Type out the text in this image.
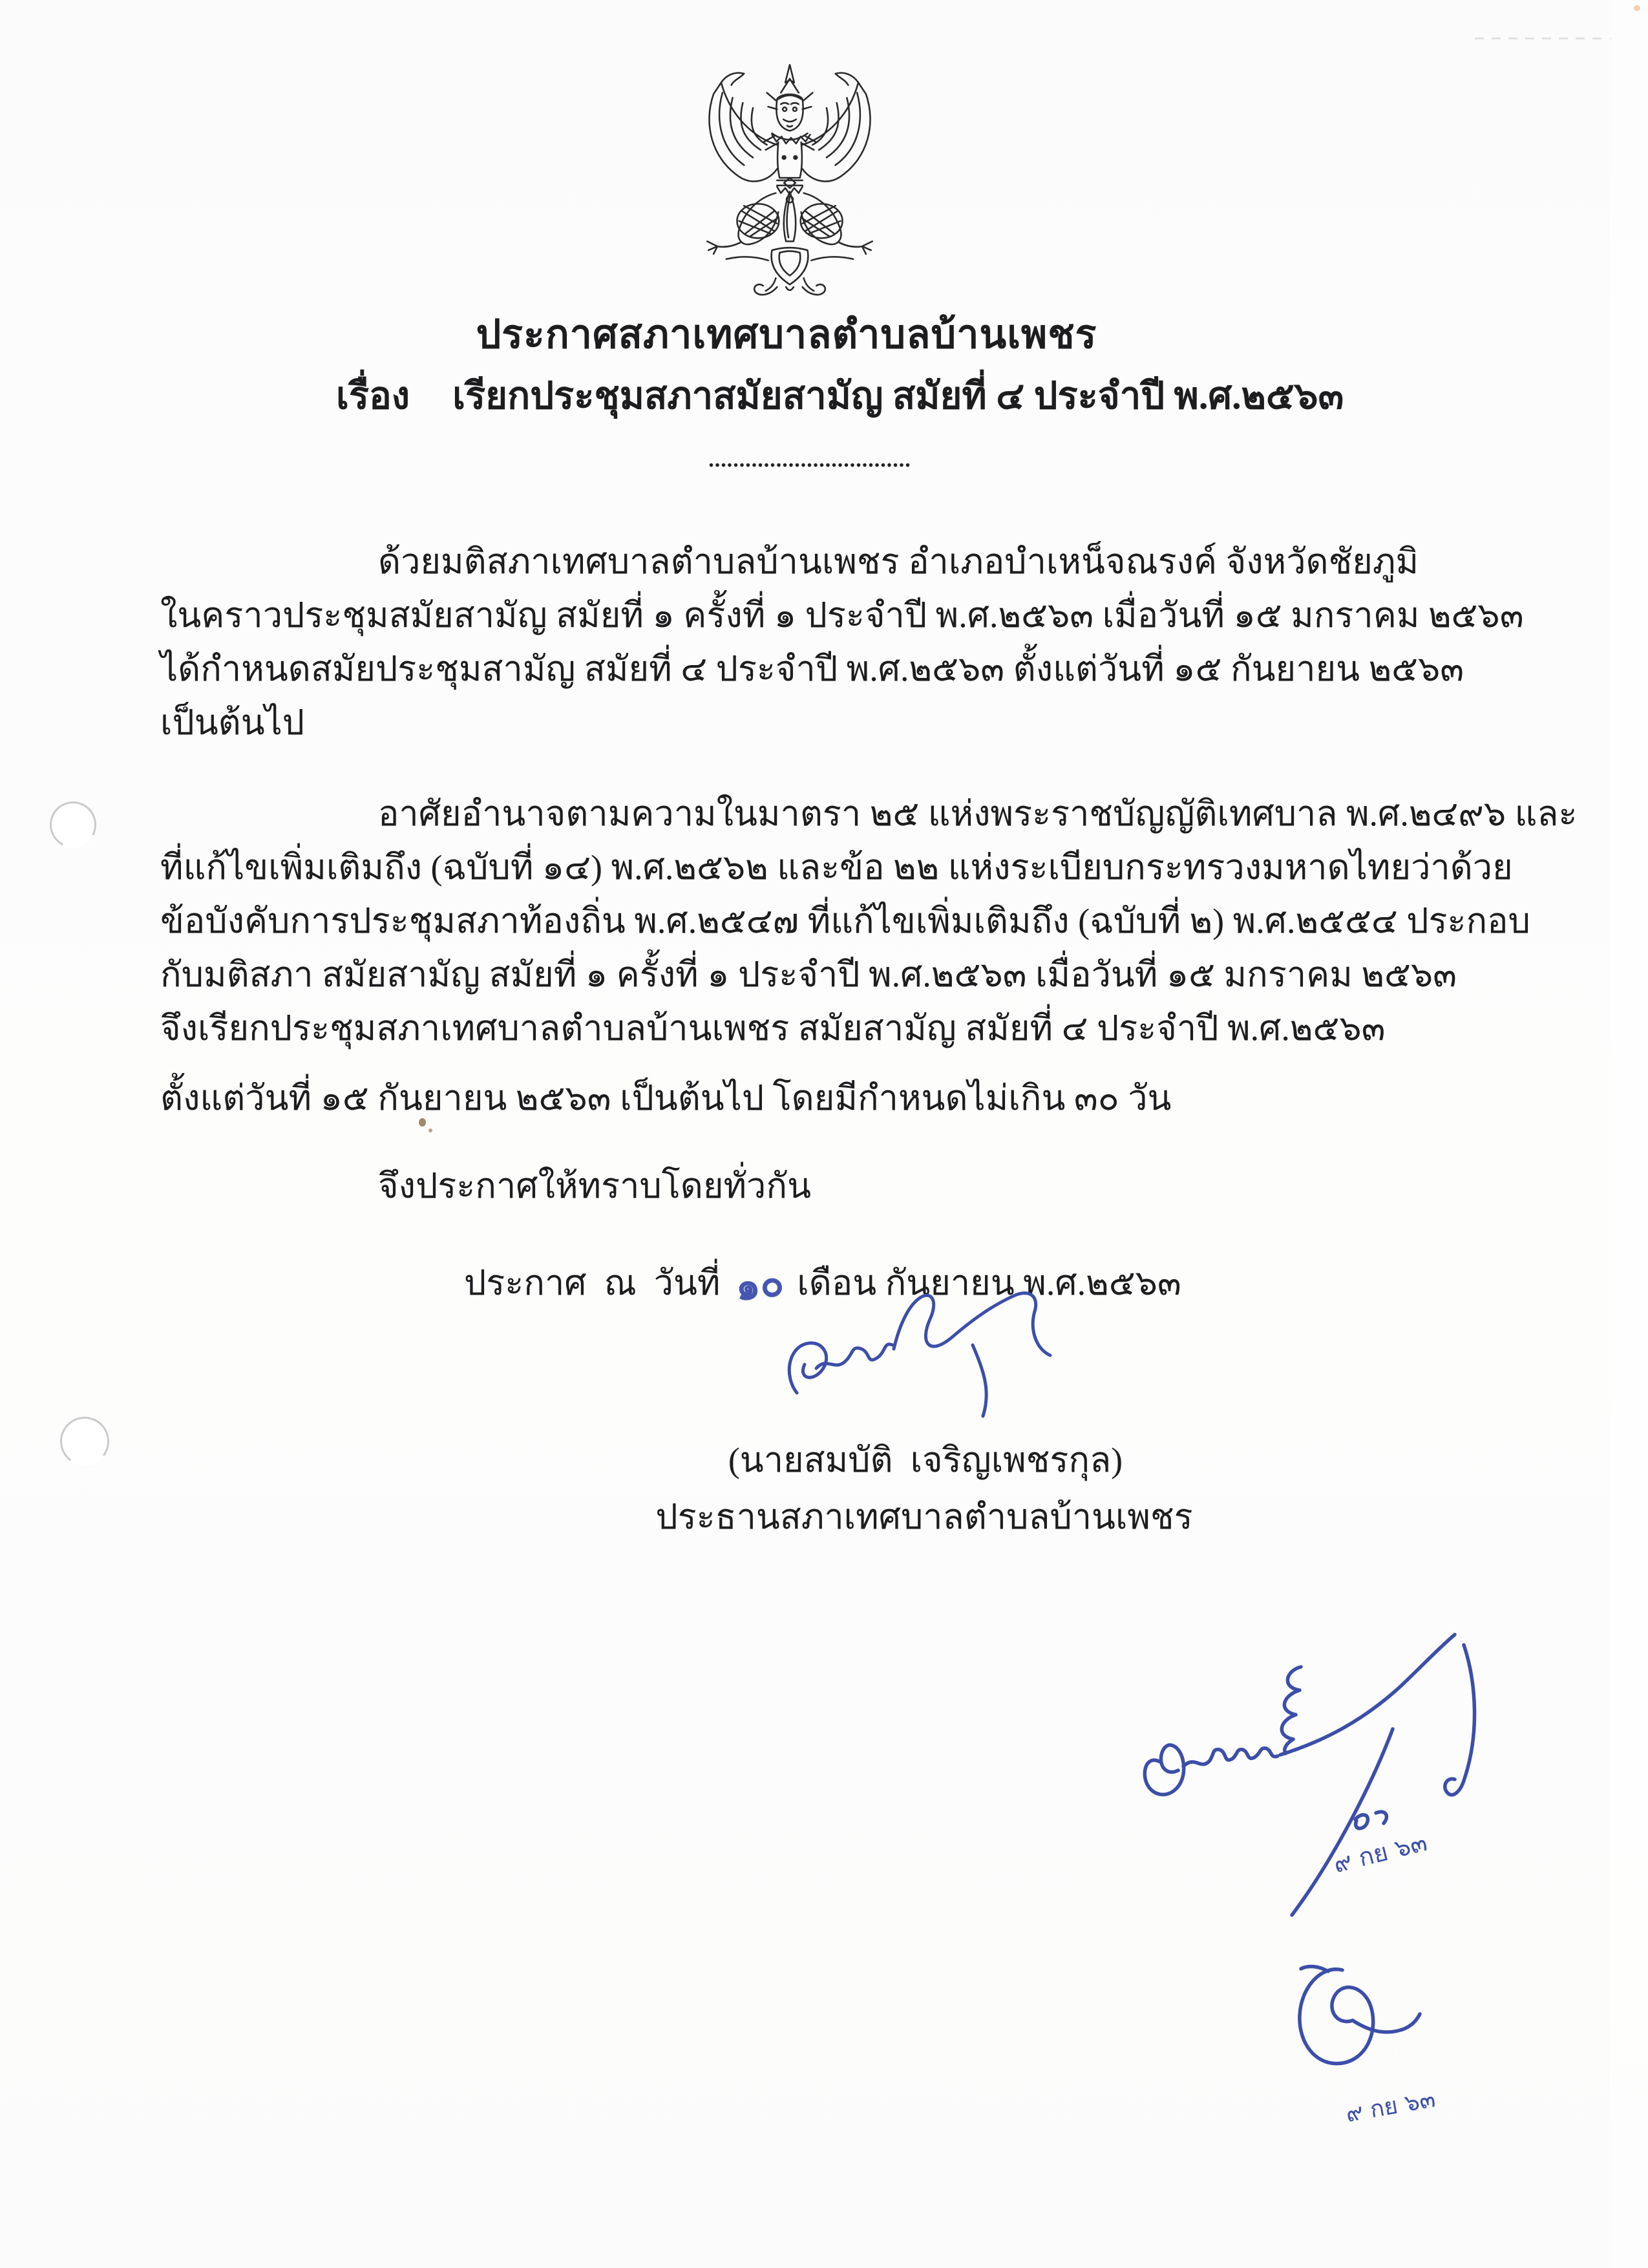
ประกาศสภาเทศบาลตำบลบ้านเพชร
เรื่อง เรียกประชุมสภาสมัยสามัญ สมัยที่ ๔ ประจำปี พ.ศ.๒๕๖๓
.................................
ด้วยมติสภาเทศบาลตำบลบ้านเพชร อำเภอบำเหน็จณรงค์ จังหวัดชัยภูมิ
ในคราวประชุมสมัยสามัญ สมัยที่ ๑ ครั้งที่ ๑ ประจำปี พ.ศ.๒๕๖๓ เมื่อวันที่ ๑๕ มกราคม ๒๕๖๓
ได้กำหนดสมัยประชุมสามัญ สมัยที่ ๔ ประจำปี พ.ศ.๒๕๖๓ ตั้งแต่วันที่ ๑๕ กันยายน ๒๕๖๓
เป็นต้นไป
อาศัยอำนาจตามความในมาตรา ๒๕ แห่งพระราชบัญญัติเทศบาล พ.ศ.๒๔๙๖ และ
ที่แก้ไขเพิ่มเติมถึง (ฉบับที่ ๑๔) พ.ศ.๒๕๖๒ และข้อ ๒๒ แห่งระเบียบกระทรวงมหาดไทยว่าด้วย
ข้อบังคับการประชุมสภาท้องถิ่น พ.ศ.๒๕๔๗ ที่แก้ไขเพิ่มเติมถึง (ฉบับที่ ๒) พ.ศ.๒๕๕๔ ประกอบ
กับมติสภา สมัยสามัญ สมัยที่ ๑ ครั้งที่ ๑ ประจำปี พ.ศ.๒๕๖๓ เมื่อวันที่ ๑๕ มกราคม ๒๕๖๓
จึงเรียกประชุมสภาเทศบาลตำบลบ้านเพชร สมัยสามัญ สมัยที่ ๔ ประจำปี พ.ศ.๒๕๖๓
ตั้งแต่วันที่ ๑๕ กันยายน ๒๕๖๓ เป็นต้นไป โดยมีกำหนดไม่เกิน ๓๐ วัน
จึงประกาศให้ทราบโดยทั่วกัน
ประกาศ  ณ  วันที่ ๑๐ เดือน กันยายน พ.ศ.๒๕๖๓
(นายสมบัติ  เจริญเพชรกุล)
ประธานสภาเทศบาลตำบลบ้านเพชร
๙ กย ๖๓
๙ กย ๖๓
